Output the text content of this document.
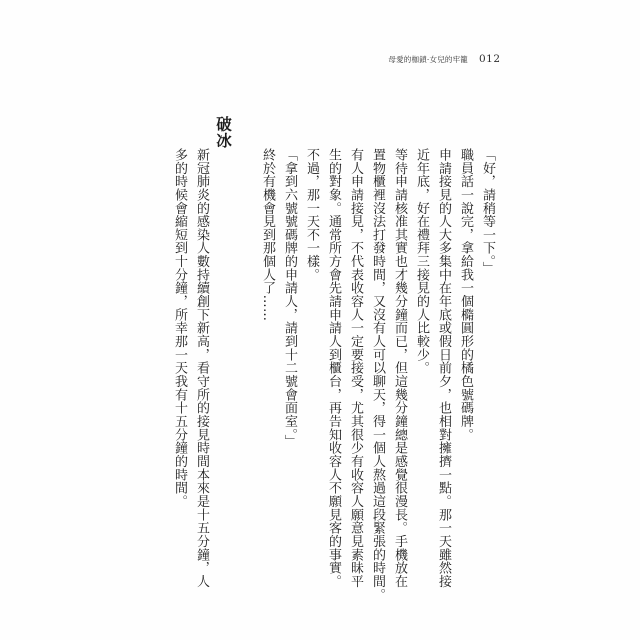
母愛的枷鎖·女兒的牢籠 012
「好，請稍等一下。」
職員話一說完，拿給我一個橢圓形的橘色號碼牌。
申請接見的人大多集中在年底或假日前夕，也相對擁擠一點。那一天雖然接
近年底，好在禮拜三接見的人比較少。
等待申請核准其實也才幾分鐘而已，但這幾分鐘總是感覺很漫長。手機放在
置物櫃裡沒法打發時間，又沒有人可以聊天，得一個人熬過這段緊張的時間。
有人申請接見，不代表收容人一定要接受，尤其很少有收容人願意見素昧平
生的對象。通常所方會先請申請人到櫃台，再告知收容人不願見客的事實。
不過，那一天不一樣。
「拿到六號號碼牌的申請人，請到十二號會面室。」
終於有機會見到那個人了……
破冰
新冠肺炎的感染人數持續創下新高，看守所的接見時間本來是十五分鐘，人
多的時候會縮短到十分鐘，所幸那一天我有十五分鐘的時間。
